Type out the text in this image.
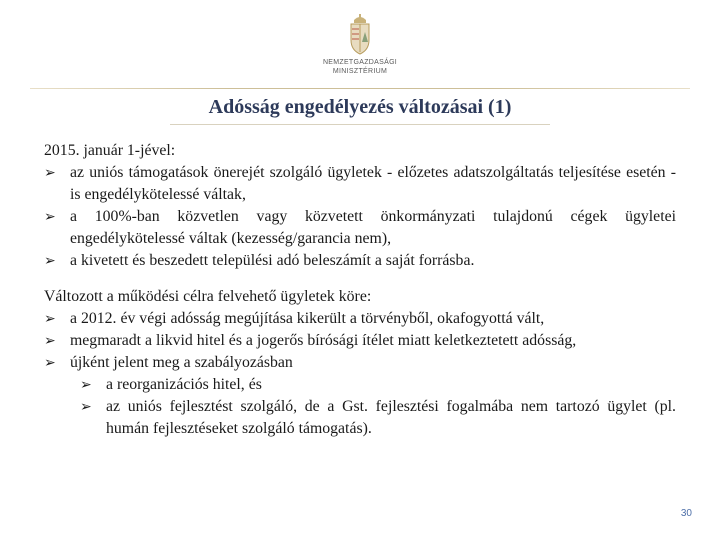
NEMZETGAZDASÁGI
MINISZTÉRIUM
Adósság engedélyezés változásai (1)

2015. január 1-jével:

➢ az uniós támogatások önerejét szolgáló ügyletek - előzetes adatszolgáltatás teljesítése esetén - is engedélykötelessé váltak,

➢ a 100%-ban közvetlen vagy közvetett önkormányzati tulajdonú cégek ügyletei engedélykötelessé váltak (kezesség/garancia nem),

➢ a kivetett és beszedett települési adó beleszámít a saját forrásba.

Változott a működési célra felvehető ügyletek köre:

➢ a 2012. év végi adósság megújítása kikerült a törvényből, okafogyottá vált,

➢ megmaradt a likvid hitel és a jogerős bírósági ítélet miatt keletkeztetett adósság,

➢ újként jelent meg a szabályozásban

➢ a reorganizációs hitel, és

➢ az uniós fejlesztést szolgáló, de a Gst. fejlesztési fogalmába nem tartozó ügylet (pl. humán fejlesztéseket szolgáló támogatás).

30
